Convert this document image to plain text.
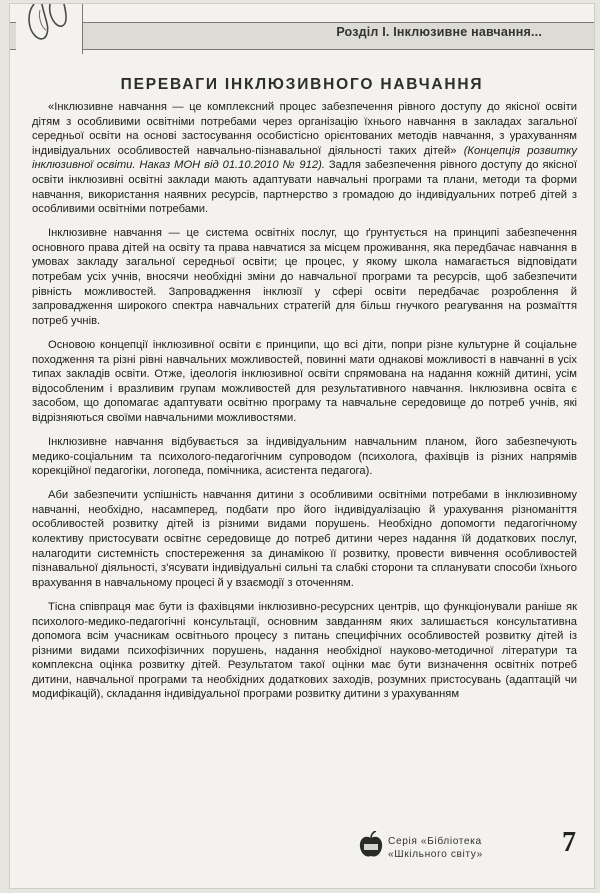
Розділ І. Інклюзивне навчання...
ПЕРЕВАГИ ІНКЛЮЗИВНОГО НАВЧАННЯ

«Інклюзивне навчання — це комплексний процес забезпечення рівного доступу до якісної освіти дітям з особливими освітніми потребами через організацію їхнього навчання в закладах загальної середньої освіти на основі застосування особистісно орієнтованих методів навчання, з урахуванням індивідуальних особливостей навчально-пізнавальної діяльності таких дітей» (Концепція розвитку інклюзивної освіти. Наказ МОН від 01.10.2010 № 912). Задля забезпечення рівного доступу до якісної освіти інклюзивні освітні заклади мають адаптувати навчальні програми та плани, методи та форми навчання, використання наявних ресурсів, партнерство з громадою до індивідуальних потреб дітей з особливими освітніми потребами.

Інклюзивне навчання — це система освітніх послуг, що ґрунтується на принципі забезпечення основного права дітей на освіту та права навчатися за місцем проживання, яка передбачає навчання в умовах закладу загальної середньої освіти; це процес, у якому школа намагається відповідати потребам усіх учнів, вносячи необхідні зміни до навчальної програми та ресурсів, щоб забезпечити рівність можливостей. Запровадження інклюзії у сфері освіти передбачає розроблення й запровадження широкого спектра навчальних стратегій для більш гнучкого реагування на розмаїття потреб учнів.

Основою концепції інклюзивної освіти є принципи, що всі діти, попри різне культурне й соціальне походження та різні рівні навчальних можливостей, повинні мати однакові можливості в навчанні в усіх типах закладів освіти. Отже, ідеологія інклюзивної освіти спрямована на надання кожній дитині, усім відособленим і вразливим групам можливостей для результативного навчання. Інклюзивна освіта є засобом, що допомагає адаптувати освітню програму та навчальне середовище до потреб учнів, які відрізняються своїми навчальними можливостями.

Інклюзивне навчання відбувається за індивідуальним навчальним планом, його забезпечують медико-соціальним та психолого-педагогічним супроводом (психолога, фахівців із різних напрямів корекційної педагогіки, логопеда, помічника, асистента педагога).

Аби забезпечити успішність навчання дитини з особливими освітніми потребами в інклюзивному навчанні, необхідно, насамперед, подбати про його індивідуалізацію й урахування різноманіття особливостей розвитку дітей із різними видами порушень. Необхідно допомогти педагогічному колективу пристосувати освітнє середовище до потреб дитини через надання їй додаткових послуг, налагодити системність спостереження за динамікою її розвитку, провести вивчення особливостей пізнавальної діяльності, з'ясувати індивідуальні сильні та слабкі сторони та спланувати способи їхнього врахування в навчальному процесі й у взаємодії з оточенням.

Тісна співпраця має бути із фахівцями інклюзивно-ресурсних центрів, що функціонували раніше як психолого-медико-педагогічні консультації, основним завданням яких залишається консультативна допомога всім учасникам освітнього процесу з питань специфічних особливостей розвитку дітей із різними видами психофізичних порушень, надання необхідної науково-методичної літератури та комплексна оцінка розвитку дітей. Результатом такої оцінки має бути визначення освітніх потреб дитини, навчальної програми та необхідних додаткових заходів, розумних пристосувань (адаптацій чи модифікацій), складання індивідуальної програми розвитку дитини з урахуванням

Серія «Бібліотека
«Шкільного світу»	7
